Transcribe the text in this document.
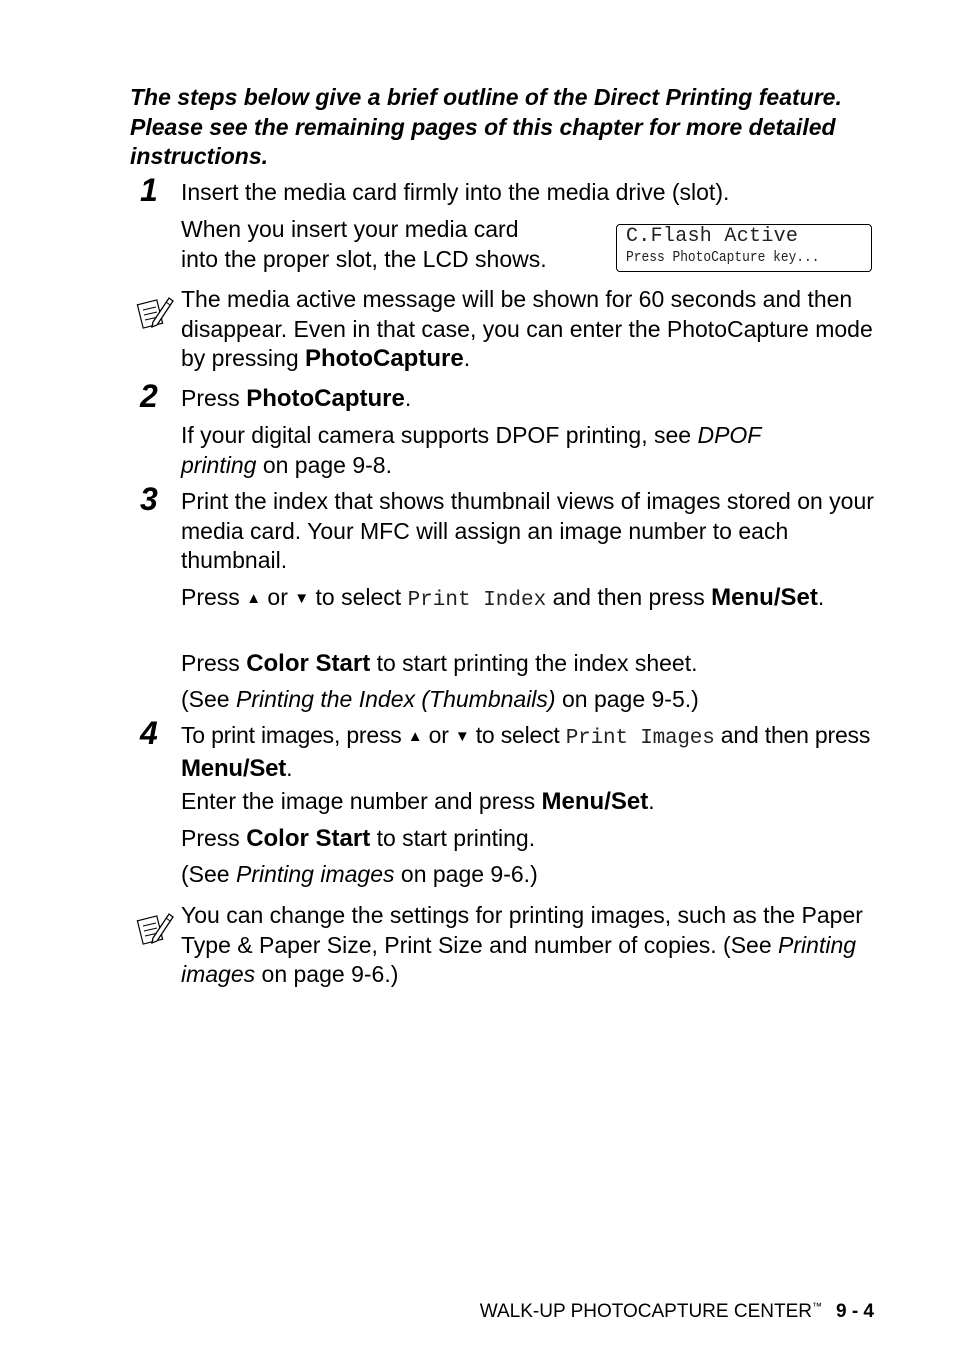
The steps below give a brief outline of the Direct Printing feature. Please see the remaining pages of this chapter for more detailed instructions.
1 Insert the media card firmly into the media drive (slot).
When you insert your media card
into the proper slot, the LCD shows.
C.Flash Active
Press PhotoCapture key...
The media active message will be shown for 60 seconds and then disappear. Even in that case, you can enter the PhotoCapture mode by pressing PhotoCapture.
2 Press PhotoCapture.
If your digital camera supports DPOF printing, see DPOF printing on page 9-8.
3 Print the index that shows thumbnail views of images stored on your media card. Your MFC will assign an image number to each thumbnail.
Press ▲ or ▼ to select Print Index and then press Menu/Set.
Press Color Start to start printing the index sheet.
(See Printing the Index (Thumbnails) on page 9-5.)
4 To print images, press ▲ or ▼ to select Print Images and then press Menu/Set.
Enter the image number and press Menu/Set.
Press Color Start to start printing.
(See Printing images on page 9-6.)
You can change the settings for printing images, such as the Paper Type & Paper Size, Print Size and number of copies. (See Printing images on page 9-6.)
WALK-UP PHOTOCAPTURE CENTER™ 9 - 4
